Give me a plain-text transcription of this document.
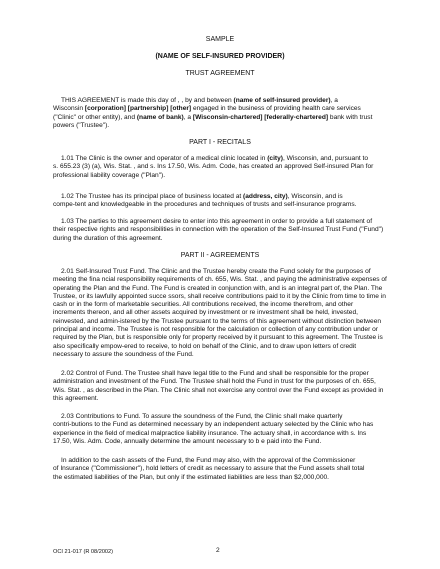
SAMPLE
(NAME OF SELF-INSURED PROVIDER)
TRUST AGREEMENT
THIS AGREEMENT is made this day of , , by and between (name of self-insured provider), a
Wisconsin [corporation] [partnership] [other] engaged in the business of providing health care services
("Clinic" or other entity), and (name of bank), a [Wisconsin-chartered] [federally-chartered] bank with trust
powers ("Trustee").
PART I - RECITALS
1.01 The Clinic is the owner and operator of a medical clinic located in (city), Wisconsin, and, pursuant to
s. 655.23 (3) (a), Wis. Stat. , and s. Ins 17.50, Wis. Adm. Code, has created an approved Self-insured Plan for
professional liability coverage ("Plan").
1.02 The Trustee has its principal place of business located at (address, city), Wisconsin, and is
compe-tent and knowledgeable in the procedures and techniques of trusts and self-insurance programs.
1.03 The parties to this agreement desire to enter into this agreement in order to provide a full statement of
their respective rights and responsibilities in connection with the operation of the Self-Insured Trust Fund ("Fund")
during the duration of this agreement.
PART II - AGREEMENTS
2.01 Self-Insured Trust Fund. The Clinic and the Trustee hereby create the Fund solely for the purposes of
meeting the fina ncial responsibility requirements of ch. 655, Wis. Stat. , and paying the administrative expenses of
operating the Plan and the Fund. The Fund is created in conjunction with, and is an integral part of, the Plan. The
Trustee, or its lawfully appointed succe ssors, shall receive contributions paid to it by the Clinic from time to time in
cash or in the form of marketable securities. All contributions received, the income therefrom, and other
increments thereon, and all other assets acquired by investment or re investment shall be held, invested,
reinvested, and admin-istered by the Trustee pursuant to the terms of this agreement without distinction between
principal and income. The Trustee is not responsible for the calculation or collection of any contribution under or
required by the Plan, but is responsible only for property received by it pursuant to this agreement. The Trustee is
also specifically empow-ered to receive, to hold on behalf of the Clinic, and to draw upon letters of credit
necessary to assure the soundness of the Fund.
2.02 Control of Fund. The Trustee shall have legal title to the Fund and shall be responsible for the proper
administration and investment of the Fund. The Trustee shall hold the Fund in trust for the purposes of ch. 655,
Wis. Stat. , as described in the Plan. The Clinic shall not exercise any control over the Fund except as provided in
this agreement.
2.03 Contributions to Fund. To assure the soundness of the Fund, the Clinic shall make quarterly
contri-butions to the Fund as determined necessary by an independent actuary selected by the Clinic who has
experience in the field of medical malpractice liability insurance. The actuary shall, in accordance with s. Ins
17.50, Wis. Adm. Code, annually determine the amount necessary to b e paid into the Fund.
In addition to the cash assets of the Fund, the Fund may also, with the approval of the Commissioner
of Insurance ("Commissioner"), hold letters of credit as necessary to assure that the Fund assets shall total
the estimated liabilities of the Plan, but only if the estimated liabilities are less than $2,000,000.
OCI 21-017 (R 08/2002)	2
